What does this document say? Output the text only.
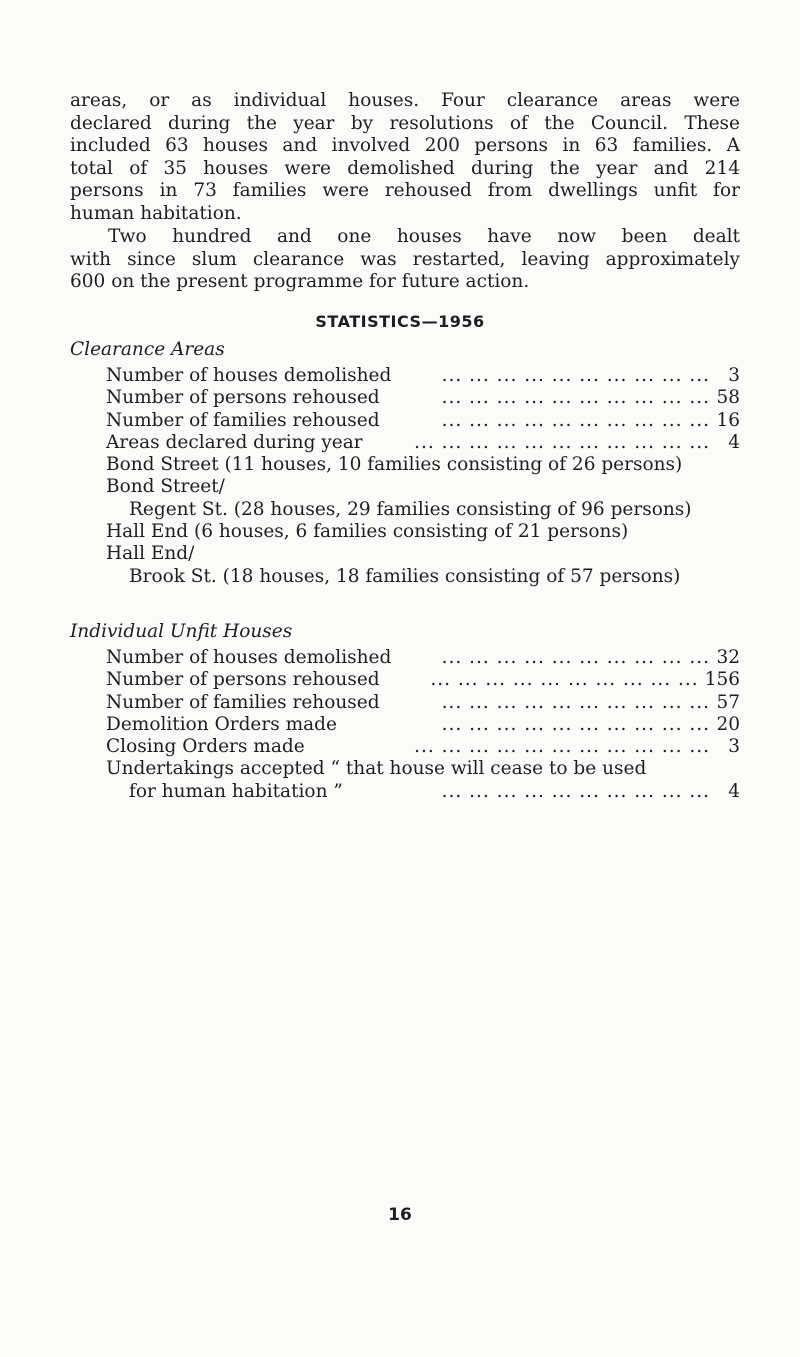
areas, or as individual houses. Four clearance areas were
declared during the year by resolutions of the Council. These
included 63 houses and involved 200 persons in 63 families. A
total of 35 houses were demolished during the year and 214
persons in 73 families were rehoused from dwellings unfit for
human habitation.

Two hundred and one houses have now been dealt
with since slum clearance was restarted, leaving approximately
600 on the present programme for future action.

STATISTICS—1956
Clearance Areas
Number of houses demolished	... ... ... ... ... ... ... ... ... ... 3
Number of persons rehoused	... ... ... ... ... ... ... ... ... ... 58
Number of families rehoused	... ... ... ... ... ... ... ... ... ... 16
Areas declared during year	... ... ... ... ... ... ... ... ... ... ... 4
Bond Street (11 houses, 10 families consisting of 26 persons)
Bond Street/
Regent St. (28 houses, 29 families consisting of 96 persons)
Hall End (6 houses, 6 families consisting of 21 persons)
Hall End/
Brook St. (18 houses, 18 families consisting of 57 persons)
Individual Unfit Houses
Number of houses demolished	... ... ... ... ... ... ... ... ... ... 32
Number of persons rehoused	... ... ... ... ... ... ... ... ... ... 156
Number of families rehoused	... ... ... ... ... ... ... ... ... ... 57
Demolition Orders made	... ... ... ... ... ... ... ... ... ... 20
Closing Orders made	... ... ... ... ... ... ... ... ... ... ... 3
Undertakings accepted “ that house will cease to be used
for human habitation ”	... ... ... ... ... ... ... ... ... ... 4
16
